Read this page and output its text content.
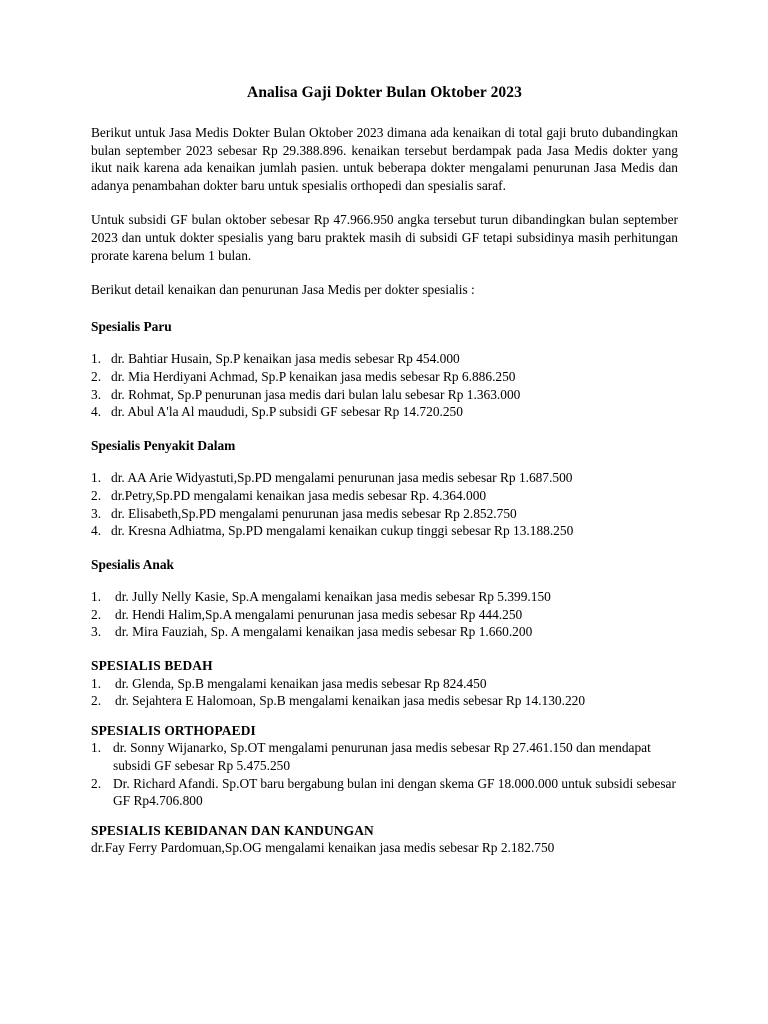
Analisa Gaji Dokter Bulan Oktober 2023

Berikut untuk Jasa Medis Dokter Bulan Oktober 2023 dimana ada kenaikan di total gaji bruto dubandingkan bulan september 2023 sebesar Rp 29.388.896. kenaikan tersebut berdampak pada Jasa Medis dokter yang ikut naik karena ada kenaikan jumlah pasien. untuk beberapa dokter mengalami penurunan Jasa Medis dan adanya penambahan dokter baru untuk spesialis orthopedi dan spesialis saraf.

Untuk subsidi GF bulan oktober sebesar Rp 47.966.950 angka tersebut turun dibandingkan bulan september 2023 dan untuk dokter spesialis yang baru praktek masih di subsidi GF tetapi subsidinya masih perhitungan prorate karena belum 1 bulan.

Berikut detail kenaikan dan penurunan Jasa Medis per dokter spesialis :

Spesialis Paru
1. dr. Bahtiar Husain, Sp.P kenaikan jasa medis sebesar Rp 454.000
2. dr. Mia Herdiyani Achmad, Sp.P kenaikan jasa medis sebesar Rp 6.886.250
3. dr. Rohmat, Sp.P penurunan jasa medis dari bulan lalu sebesar Rp 1.363.000
4. dr. Abul A'la Al maududi, Sp.P subsidi GF sebesar Rp 14.720.250
Spesialis Penyakit Dalam
1. dr. AA Arie Widyastuti,Sp.PD mengalami penurunan jasa medis sebesar Rp 1.687.500
2. dr.Petry,Sp.PD mengalami kenaikan jasa medis sebesar Rp. 4.364.000
3. dr. Elisabeth,Sp.PD mengalami penurunan jasa medis sebesar Rp 2.852.750
4. dr. Kresna Adhiatma, Sp.PD mengalami kenaikan cukup tinggi sebesar Rp 13.188.250
Spesialis Anak
1. dr. Jully Nelly Kasie, Sp.A mengalami kenaikan jasa medis sebesar Rp 5.399.150
2. dr. Hendi Halim,Sp.A mengalami penurunan jasa medis sebesar Rp 444.250
3. dr. Mira Fauziah, Sp. A mengalami kenaikan jasa medis sebesar Rp 1.660.200
SPESIALIS BEDAH
1. dr. Glenda, Sp.B mengalami kenaikan jasa medis sebesar Rp 824.450
2. dr. Sejahtera E Halomoan, Sp.B mengalami kenaikan jasa medis sebesar Rp 14.130.220
SPESIALIS ORTHOPAEDI
1. dr. Sonny Wijanarko, Sp.OT mengalami penurunan jasa medis sebesar Rp 27.461.150 dan mendapat subsidi GF sebesar Rp 5.475.250
2. Dr. Richard Afandi. Sp.OT baru bergabung bulan ini dengan skema GF 18.000.000 untuk subsidi sebesar GF Rp4.706.800
SPESIALIS KEBIDANAN DAN KANDUNGAN
dr.Fay Ferry Pardomuan,Sp.OG mengalami kenaikan jasa medis sebesar Rp 2.182.750
